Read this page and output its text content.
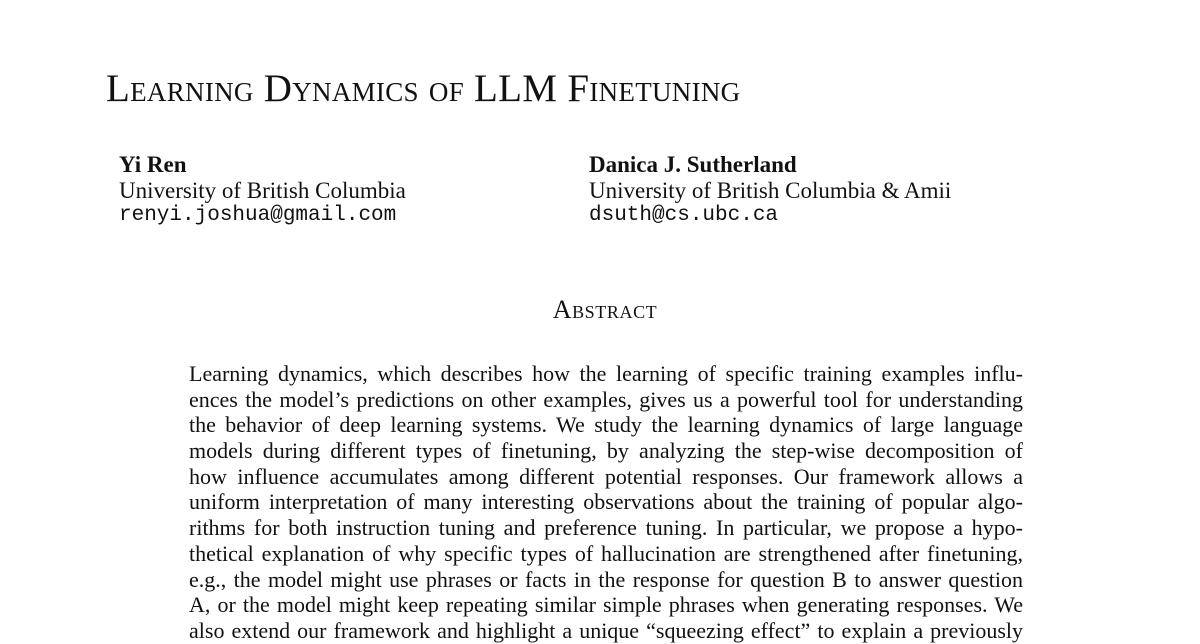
Learning Dynamics of LLM Finetuning
Yi Ren
University of British Columbia
renyi.joshua@gmail.com
Danica J. Sutherland
University of British Columbia & Amii
dsuth@cs.ubc.ca
Abstract
Learning dynamics, which describes how the learning of specific training examples influ-
ences the model’s predictions on other examples, gives us a powerful tool for understanding
the behavior of deep learning systems. We study the learning dynamics of large language
models during different types of finetuning, by analyzing the step-wise decomposition of
how influence accumulates among different potential responses. Our framework allows a
uniform interpretation of many interesting observations about the training of popular algo-
rithms for both instruction tuning and preference tuning. In particular, we propose a hypo-
thetical explanation of why specific types of hallucination are strengthened after finetuning,
e.g., the model might use phrases or facts in the response for question B to answer question
A, or the model might keep repeating similar simple phrases when generating responses. We
also extend our framework and highlight a unique “squeezing effect” to explain a previously
